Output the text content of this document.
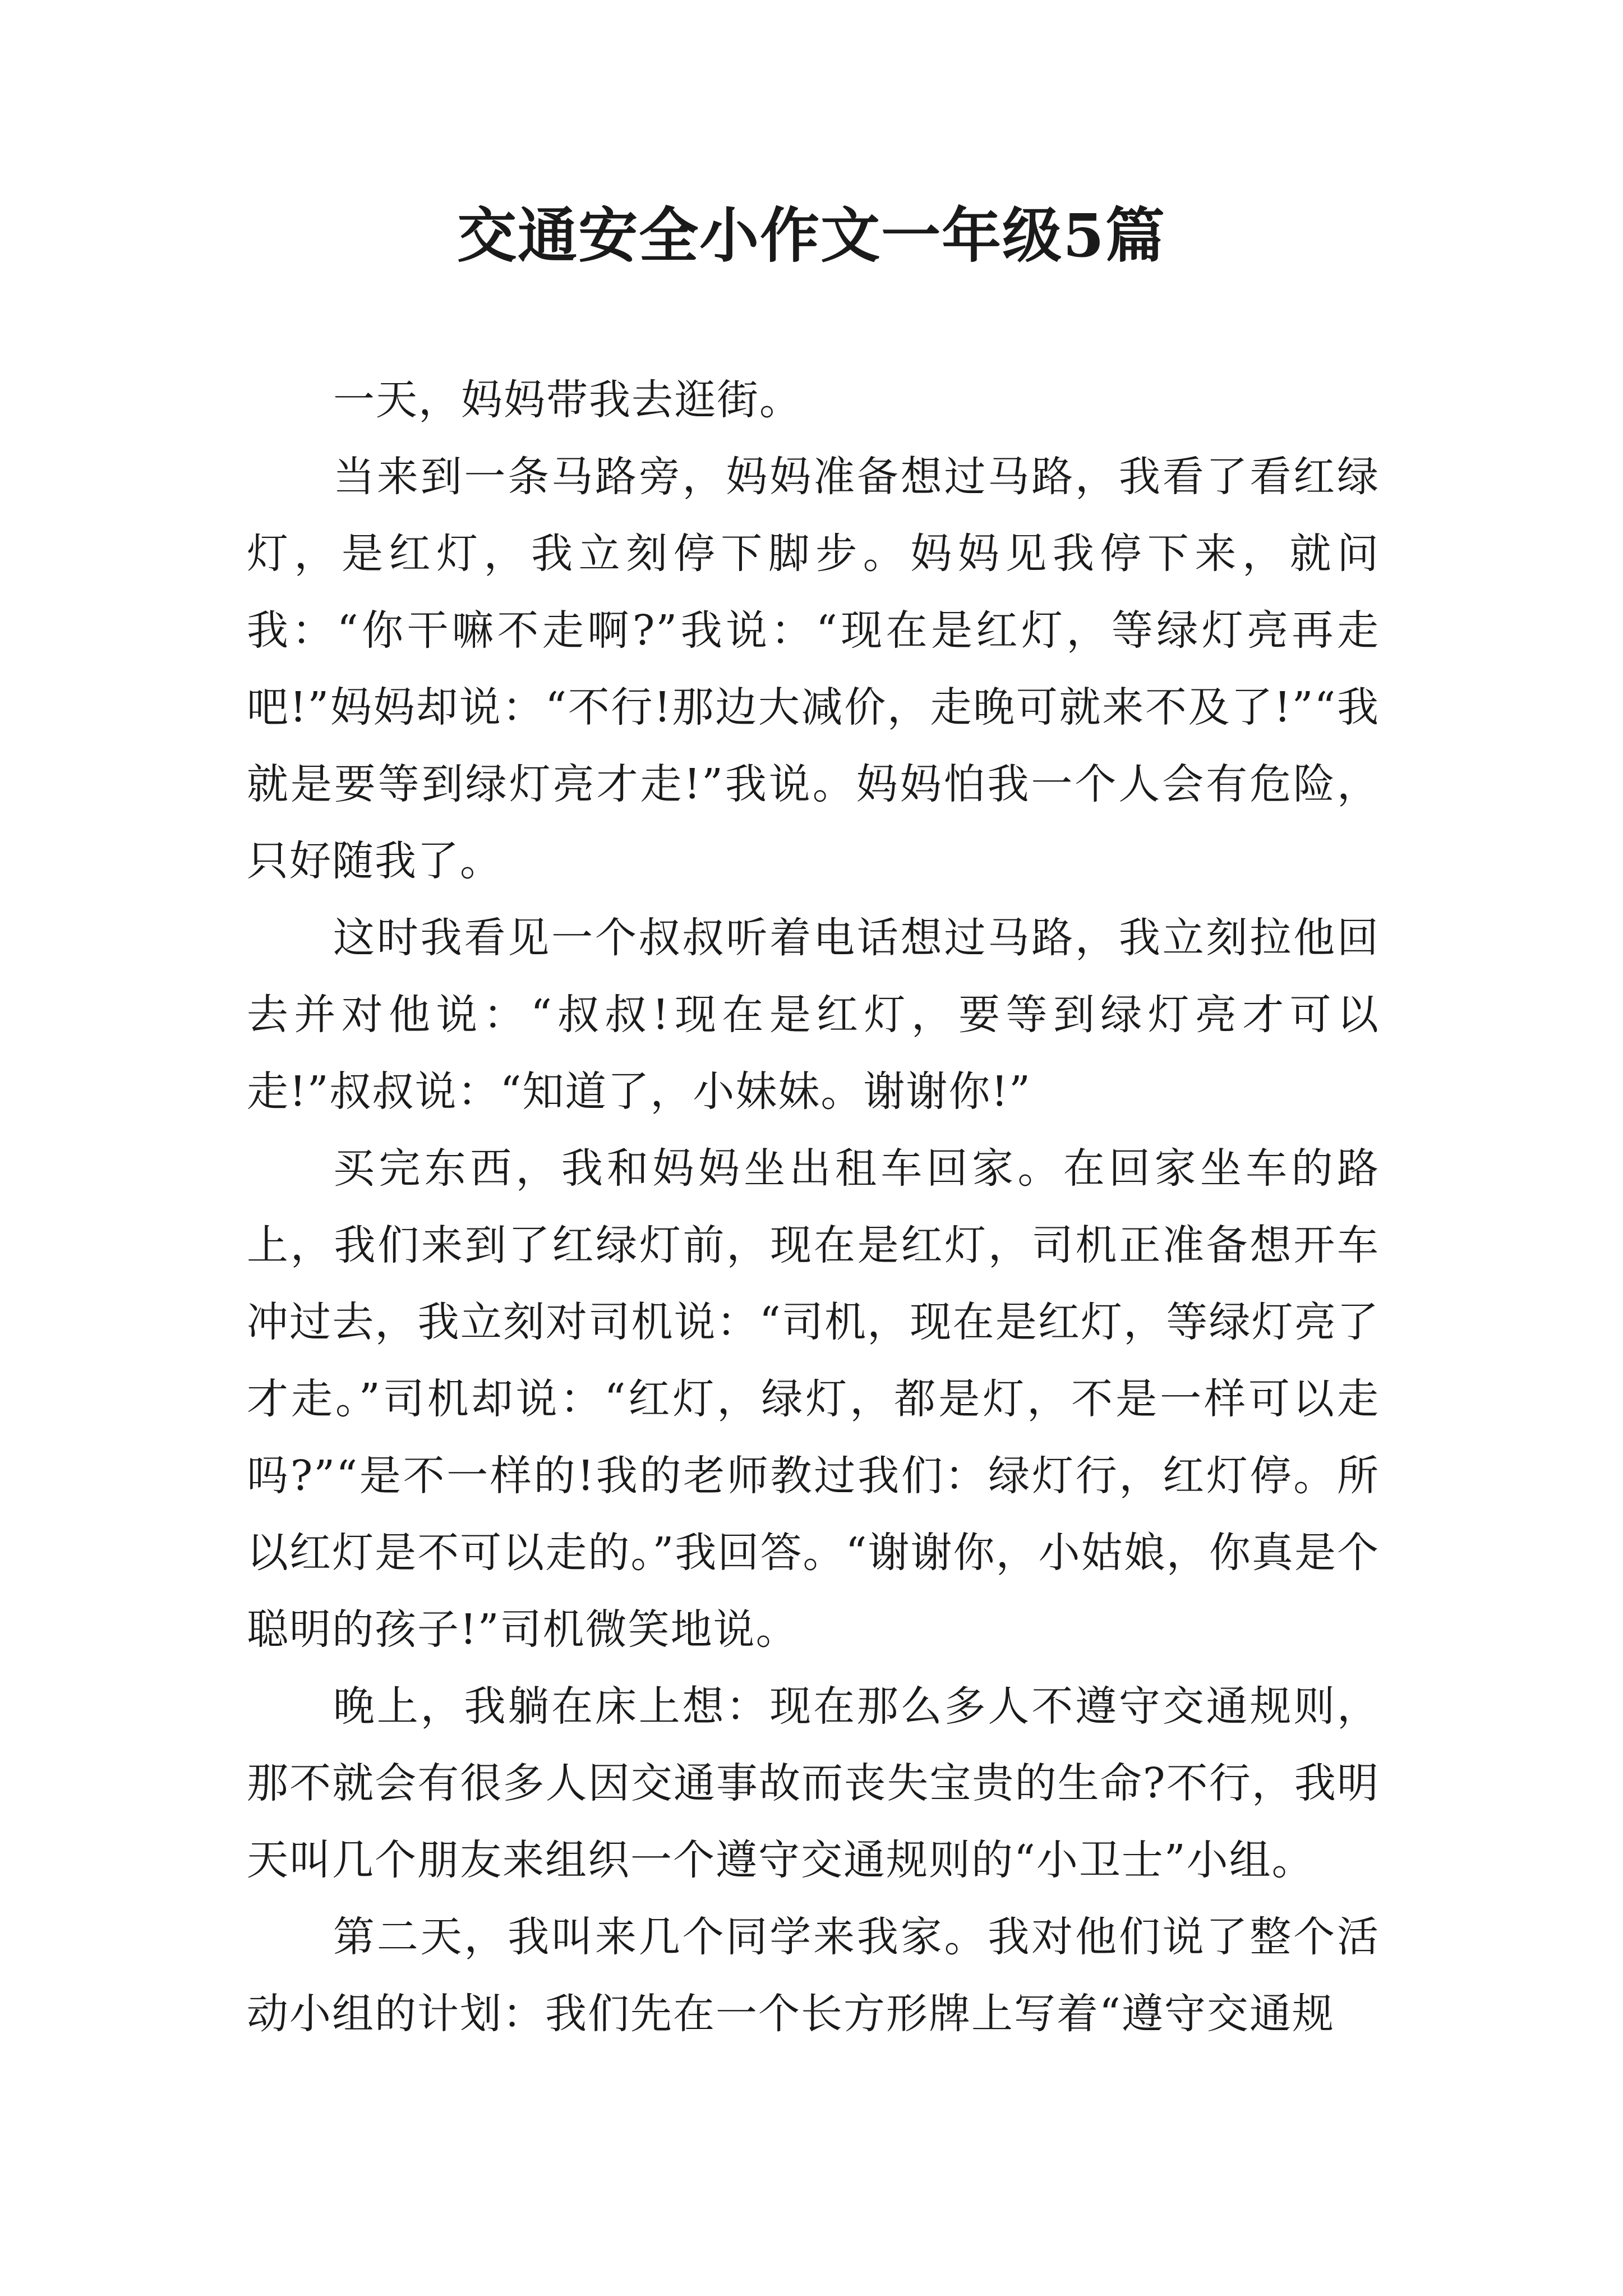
交通安全小作文一年级5篇

一天，妈妈带我去逛街。

当来到一条马路旁，妈妈准备想过马路，我看了看红绿灯，是红灯，我立刻停下脚步。妈妈见我停下来，就问我：“你干嘛不走啊?”我说：“现在是红灯，等绿灯亮再走吧!”妈妈却说：“不行!那边大减价，走晚可就来不及了!”“我就是要等到绿灯亮才走!”我说。妈妈怕我一个人会有危险，只好随我了。

这时我看见一个叔叔听着电话想过马路，我立刻拉他回去并对他说：“叔叔!现在是红灯，要等到绿灯亮才可以走!”叔叔说：“知道了，小妹妹。谢谢你!”

买完东西，我和妈妈坐出租车回家。在回家坐车的路上，我们来到了红绿灯前，现在是红灯，司机正准备想开车冲过去，我立刻对司机说：“司机，现在是红灯，等绿灯亮了才走。”司机却说：“红灯，绿灯，都是灯，不是一样可以走吗?”“是不一样的!我的老师教过我们：绿灯行，红灯停。所以红灯是不可以走的。”我回答。“谢谢你，小姑娘，你真是个聪明的孩子!”司机微笑地说。

晚上，我躺在床上想：现在那么多人不遵守交通规则，那不就会有很多人因交通事故而丧失宝贵的生命?不行，我明天叫几个朋友来组织一个遵守交通规则的“小卫士”小组。

第二天，我叫来几个同学来我家。我对他们说了整个活动小组的计划：我们先在一个长方形牌上写着“遵守交通规
